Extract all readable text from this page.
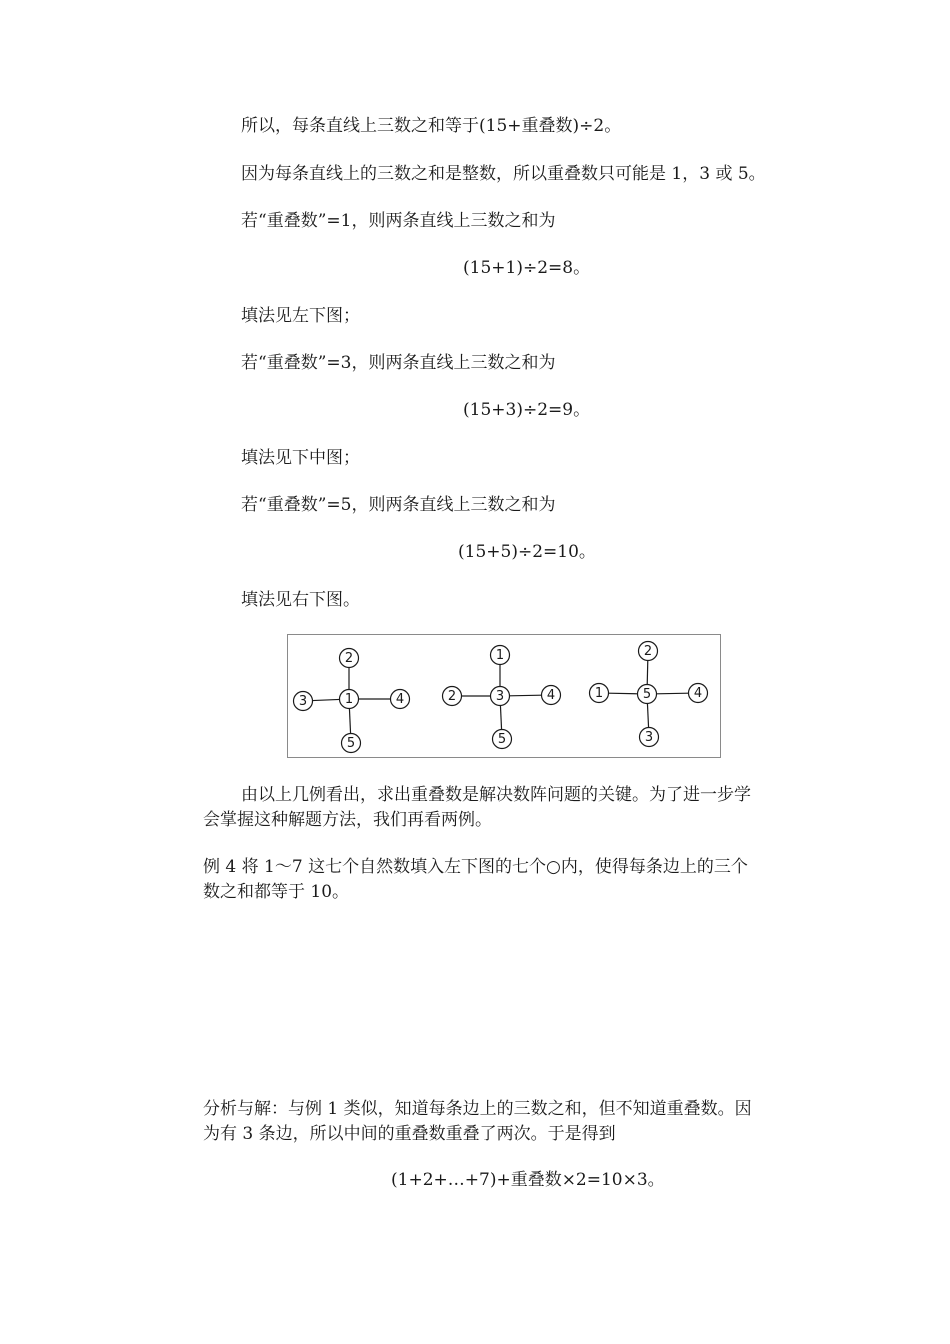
所以，每条直线上三数之和等于(15+重叠数)÷2。
因为每条直线上的三数之和是整数，所以重叠数只可能是 1，3 或 5。
若“重叠数”=1，则两条直线上三数之和为
(15+1)÷2=8。
填法见左下图；
若“重叠数”=3，则两条直线上三数之和为
(15+3)÷2=9。
填法见下中图；
若“重叠数”=5，则两条直线上三数之和为
(15+5)÷2=10。
填法见右下图。
1
2
3	4
5
3
1
2	4
5
5
2
1	4
3
由以上几例看出，求出重叠数是解决数阵问题的关键。为了进一步学
会掌握这种解题方法，我们再看两例。
例 4 将 1～7 这七个自然数填入左下图的七个○内，使得每条边上的三个
数之和都等于 10。
分析与解：与例 1 类似，知道每条边上的三数之和，但不知道重叠数。因
为有 3 条边，所以中间的重叠数重叠了两次。于是得到
(1+2+…+7)+重叠数×2=10×3。
